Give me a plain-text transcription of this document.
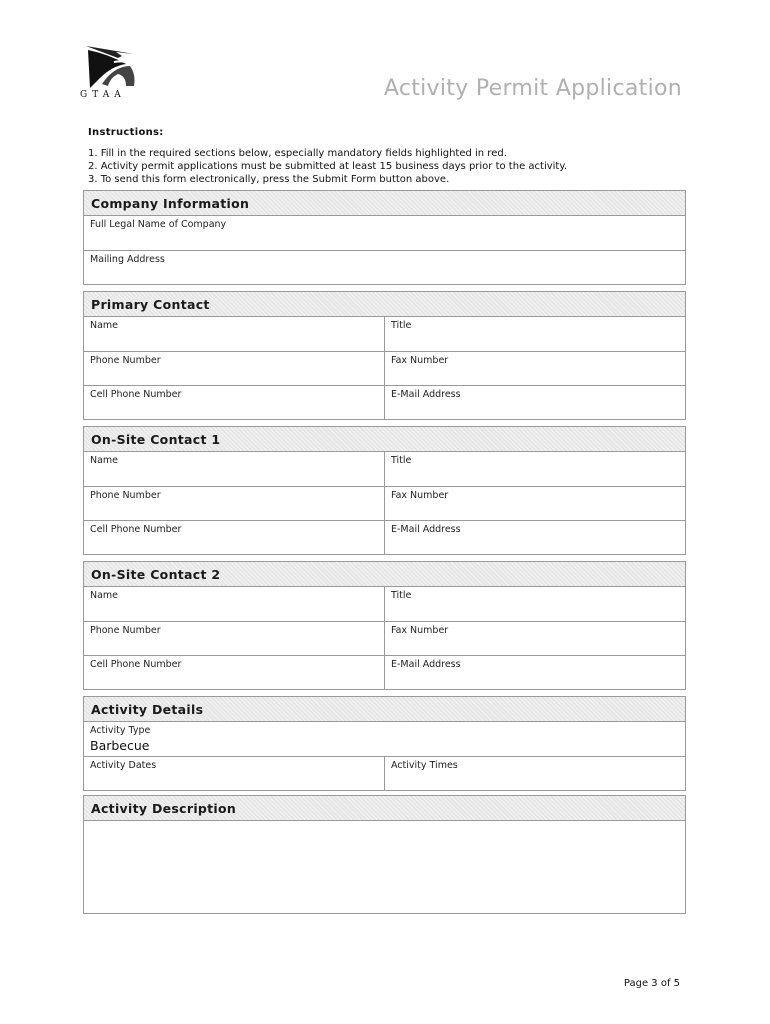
GTAA	Activity Permit Application
Instructions:
1. Fill in the required sections below, especially mandatory fields highlighted in red.
2. Activity permit applications must be submitted at least 15 business days prior to the activity.
3. To send this form electronically, press the Submit Form button above.
Company Information
Full Legal Name of Company
Mailing Address
Primary Contact
Name	Title
Phone Number	Fax Number
Cell Phone Number	E-Mail Address
On-Site Contact 1
Name	Title
Phone Number	Fax Number
Cell Phone Number	E-Mail Address
On-Site Contact 2
Name	Title
Phone Number	Fax Number
Cell Phone Number	E-Mail Address
Activity Details
Activity Type
Barbecue
Activity Dates	Activity Times
Activity Description
Page 3 of 5
